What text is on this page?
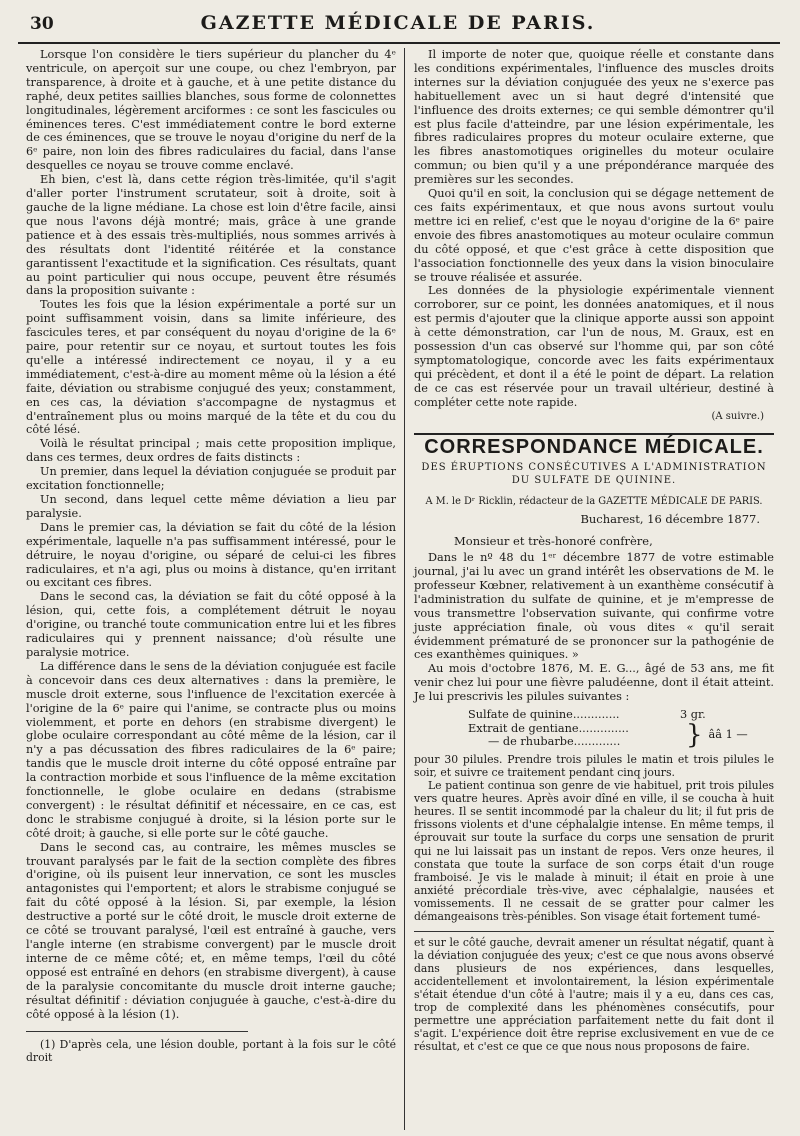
30	GAZETTE MÉDICALE DE PARIS.

Lorsque l'on considère le tiers supérieur du plancher du 4ᵉ ventricule, on aperçoit sur une coupe, ou chez l'embryon, par transparence, à droite et à gauche, et à une petite distance du raphé, deux petites saillies blanches, sous forme de colonnettes longitudinales, légèrement arciformes : ce sont les fascicules ou éminences teres. C'est immédiatement contre le bord externe de ces éminences, que se trouve le noyau d'origine du nerf de la 6ᵉ paire, non loin des fibres radiculaires du facial, dans l'anse desquelles ce noyau se trouve comme enclavé.

Eh bien, c'est là, dans cette région très-limitée, qu'il s'agit d'aller porter l'instrument scrutateur, soit à droite, soit à gauche de la ligne médiane. La chose est loin d'être facile, ainsi que nous l'avons déjà montré; mais, grâce à une grande patience et à des essais très-multipliés, nous sommes arrivés à des résultats dont l'identité réitérée et la constance garantissent l'exactitude et la signification. Ces résultats, quant au point particulier qui nous occupe, peuvent être résumés dans la proposition suivante :

Toutes les fois que la lésion expérimentale a porté sur un point suffisamment voisin, dans sa limite inférieure, des fascicules teres, et par conséquent du noyau d'origine de la 6ᵉ paire, pour retentir sur ce noyau, et surtout toutes les fois qu'elle a intéressé indirectement ce noyau, il y a eu immédiatement, c'est-à-dire au moment même où la lésion a été faite, déviation ou strabisme conjugué des yeux; constamment, en ces cas, la déviation s'accompagne de nystagmus et d'entraînement plus ou moins marqué de la tête et du cou du côté lésé.

Voilà le résultat principal ; mais cette proposition implique, dans ces termes, deux ordres de faits distincts :

Un premier, dans lequel la déviation conjuguée se produit par excitation fonctionnelle;

Un second, dans lequel cette même déviation a lieu par paralysie.

Dans le premier cas, la déviation se fait du côté de la lésion expérimentale, laquelle n'a pas suffisamment intéressé, pour le détruire, le noyau d'origine, ou séparé de celui-ci les fibres radiculaires, et n'a agi, plus ou moins à distance, qu'en irritant ou excitant ces fibres.

Dans le second cas, la déviation se fait du côté opposé à la lésion, qui, cette fois, a complétement détruit le noyau d'origine, ou tranché toute communication entre lui et les fibres radiculaires qui y prennent naissance; d'où résulte une paralysie motrice.

La différence dans le sens de la déviation conjuguée est facile à concevoir dans ces deux alternatives : dans la première, le muscle droit externe, sous l'influence de l'excitation exercée à l'origine de la 6ᵉ paire qui l'anime, se contracte plus ou moins violemment, et porte en dehors (en strabisme divergent) le globe oculaire correspondant au côté même de la lésion, car il n'y a pas décussation des fibres radiculaires de la 6ᵉ paire; tandis que le muscle droit interne du côté opposé entraîne par la contraction morbide et sous l'influence de la même excitation fonctionnelle, le globe oculaire en dedans (strabisme convergent) : le résultat définitif et nécessaire, en ce cas, est donc le strabisme conjugué à droite, si la lésion porte sur le côté droit; à gauche, si elle porte sur le côté gauche.

Dans le second cas, au contraire, les mêmes muscles se trouvant paralysés par le fait de la section complète des fibres d'origine, où ils puisent leur innervation, ce sont les muscles antagonistes qui l'emportent; et alors le strabisme conjugué se fait du côté opposé à la lésion. Si, par exemple, la lésion destructive a porté sur le côté droit, le muscle droit externe de ce côté se trouvant paralysé, l'œil est entraîné à gauche, vers l'angle interne (en strabisme convergent) par le muscle droit interne de ce même côté; et, en même temps, l'œil du côté opposé est entraîné en dehors (en strabisme divergent), à cause de la paralysie concomitante du muscle droit interne gauche; résultat définitif : déviation conjuguée à gauche, c'est-à-dire du côté opposé à la lésion (1).

(1) D'après cela, une lésion double, portant à la fois sur le côté droit

Il importe de noter que, quoique réelle et constante dans les conditions expérimentales, l'influence des muscles droits internes sur la déviation conjuguée des yeux ne s'exerce pas habituellement avec un si haut degré d'intensité que l'influence des droits externes; ce qui semble démontrer qu'il est plus facile d'atteindre, par une lésion expérimentale, les fibres radiculaires propres du moteur oculaire externe, que les fibres anastomotiques originelles du moteur oculaire commun; ou bien qu'il y a une prépondérance marquée des premières sur les secondes.

Quoi qu'il en soit, la conclusion qui se dégage nettement de ces faits expérimentaux, et que nous avons surtout voulu mettre ici en relief, c'est que le noyau d'origine de la 6ᵉ paire envoie des fibres anastomotiques au moteur oculaire commun du côté opposé, et que c'est grâce à cette disposition que l'association fonctionnelle des yeux dans la vision binoculaire se trouve réalisée et assurée.

Les données de la physiologie expérimentale viennent corroborer, sur ce point, les données anatomiques, et il nous est permis d'ajouter que la clinique apporte aussi son appoint à cette démonstration, car l'un de nous, M. Graux, est en possession d'un cas observé sur l'homme qui, par son côté symptomatologique, concorde avec les faits expérimentaux qui précèdent, et dont il a été le point de départ. La relation de ce cas est réservée pour un travail ultérieur, destiné à compléter cette note rapide.

(A suivre.)

CORRESPONDANCE MÉDICALE.
DES ÉRUPTIONS CONSÉCUTIVES A L'ADMINISTRATION
DU SULFATE DE QUININE.
A M. le Dʳ Ricklin, rédacteur de la GAZETTE MÉDICALE DE PARIS.
Bucharest, 16 décembre 1877.

Monsieur et très-honoré confrère,

Dans le nº 48 du 1ᵉʳ décembre 1877 de votre estimable journal, j'ai lu avec un grand intérêt les observations de M. le professeur Kœbner, relativement à un exanthème consécutif à l'administration du sulfate de quinine, et je m'empresse de vous transmettre l'observation suivante, qui confirme votre juste appréciation finale, où vous dites « qu'il serait évidemment prématuré de se prononcer sur la pathogénie de ces exanthèmes quiniques. »

Au mois d'octobre 1876, M. E. G..., âgé de 53 ans, me fit venir chez lui pour une fièvre paludéenne, dont il était atteint. Je lui prescrivis les pilules suivantes :

Sulfate de quinine.............	3 gr.
Extrait de gentiane..............
— de rhubarbe.............	} ââ 1 —

pour 30 pilules. Prendre trois pilules le matin et trois pilules le soir, et suivre ce traitement pendant cinq jours.

Le patient continua son genre de vie habituel, prit trois pilules vers quatre heures. Après avoir dîné en ville, il se coucha à huit heures. Il se sentit incommodé par la chaleur du lit; il fut pris de frissons violents et d'une céphalalgie intense. En même temps, il éprouvait sur toute la surface du corps une sensation de prurit qui ne lui laissait pas un instant de repos. Vers onze heures, il constata que toute la surface de son corps était d'un rouge framboisé. Je vis le malade à minuit; il était en proie à une anxiété précordiale très-vive, avec céphalalgie, nausées et vomissements. Il ne cessait de se gratter pour calmer les démangeaisons très-pénibles. Son visage était fortement tumé-

et sur le côté gauche, devrait amener un résultat négatif, quant à la déviation conjuguée des yeux; c'est ce que nous avons observé dans plusieurs de nos expériences, dans lesquelles, accidentellement et involontairement, la lésion expérimentale s'était étendue d'un côté à l'autre; mais il y a eu, dans ces cas, trop de complexité dans les phénomènes consécutifs, pour permettre une appréciation parfaitement nette du fait dont il s'agit. L'expérience doit être reprise exclusivement en vue de ce résultat, et c'est ce que ce que nous nous proposons de faire.
